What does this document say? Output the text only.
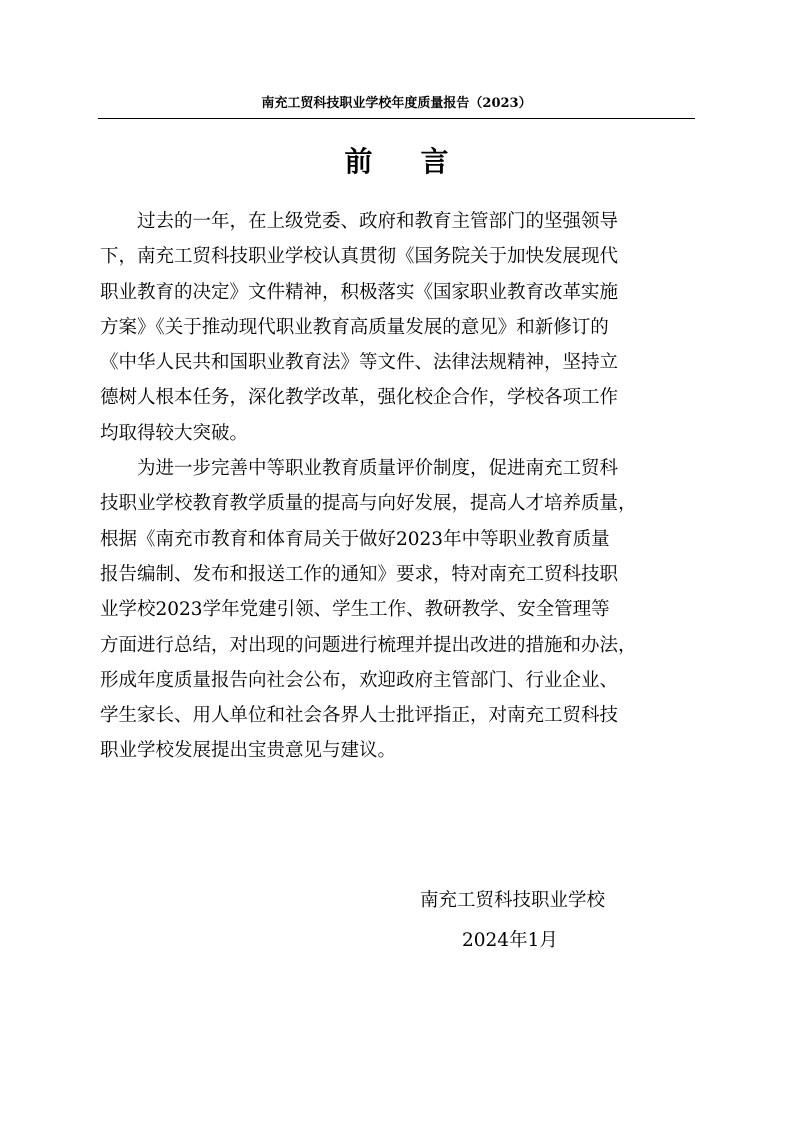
南充工贸科技职业学校年度质量报告（2023）
前言

　　过去的一年，在上级党委、政府和教育主管部门的坚强领导
下，南充工贸科技职业学校认真贯彻《国务院关于加快发展现代
职业教育的决定》文件精神，积极落实《国家职业教育改革实施
方案》《关于推动现代职业教育高质量发展的意见》和新修订的
《中华人民共和国职业教育法》等文件、法律法规精神，坚持立
德树人根本任务，深化教学改革，强化校企合作，学校各项工作
均取得较大突破。

　　为进一步完善中等职业教育质量评价制度，促进南充工贸科
技职业学校教育教学质量的提高与向好发展，提高人才培养质量，
根据《南充市教育和体育局关于做好2023年中等职业教育质量
报告编制、发布和报送工作的通知》要求，特对南充工贸科技职
业学校2023学年党建引领、学生工作、教研教学、安全管理等
方面进行总结，对出现的问题进行梳理并提出改进的措施和办法，
形成年度质量报告向社会公布，欢迎政府主管部门、行业企业、
学生家长、用人单位和社会各界人士批评指正，对南充工贸科技
职业学校发展提出宝贵意见与建议。

南充工贸科技职业学校
2024年1月
